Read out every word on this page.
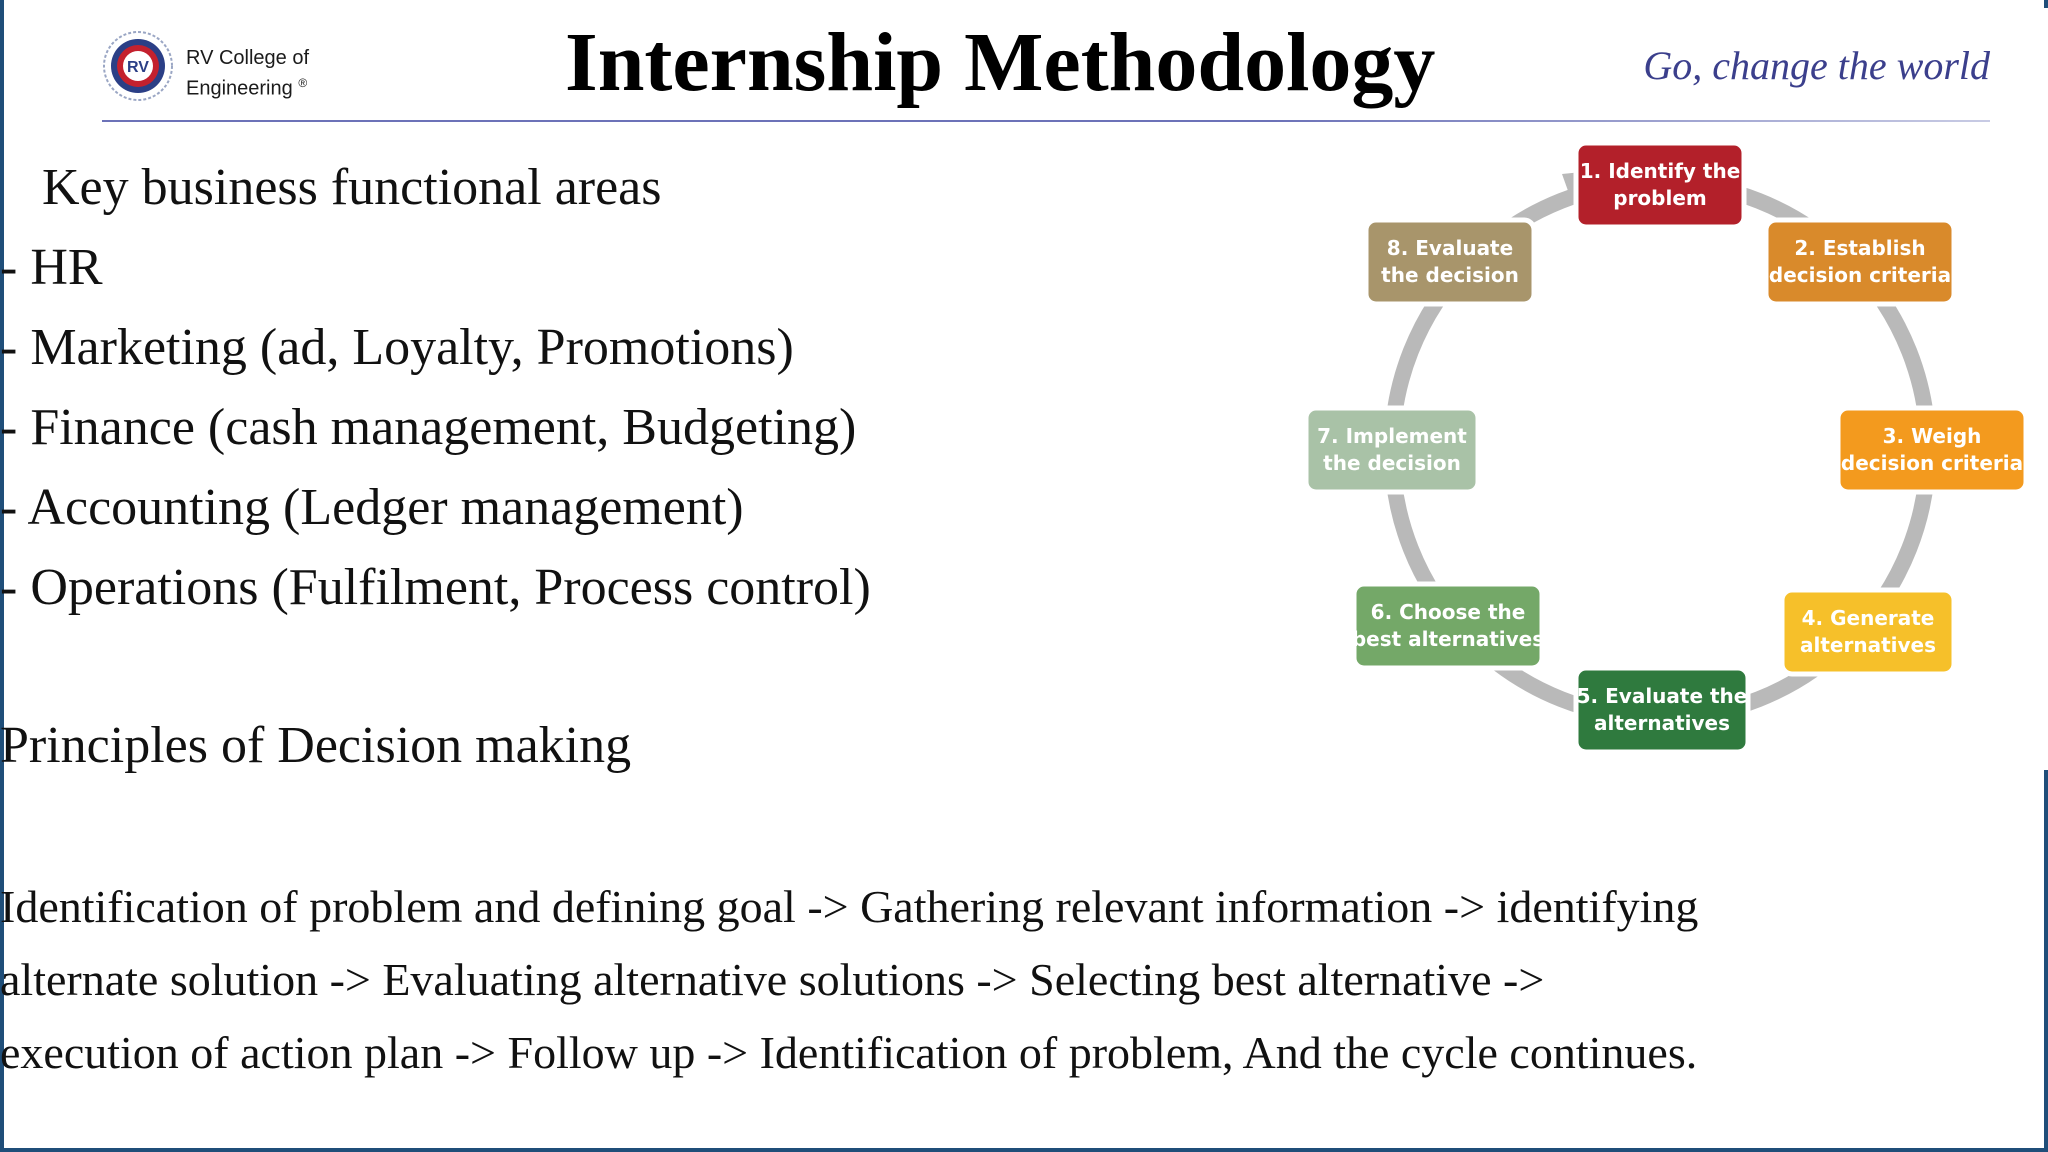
RV RV College of
Engineering ®	Internship Methodology	Go, change the world
Key business functional areas
- HR
- Marketing (ad, Loyalty, Promotions)
- Finance (cash management, Budgeting)
- Accounting (Ledger management)
- Operations (Fulfilment, Process control)
Principles of Decision making
Identification of problem and defining goal -> Gathering relevant information -> identifying
alternate solution -> Evaluating alternative solutions -> Selecting best alternative ->
execution of action plan -> Follow up -> Identification of problem, And the cycle continues.
1. Identify the
problem
2. Establish
decision criteria
3. Weigh
decision criteria
4. Generate
alternatives
5. Evaluate the
alternatives
6. Choose the
best alternatives
7. Implement
the decision
8. Evaluate
the decision
